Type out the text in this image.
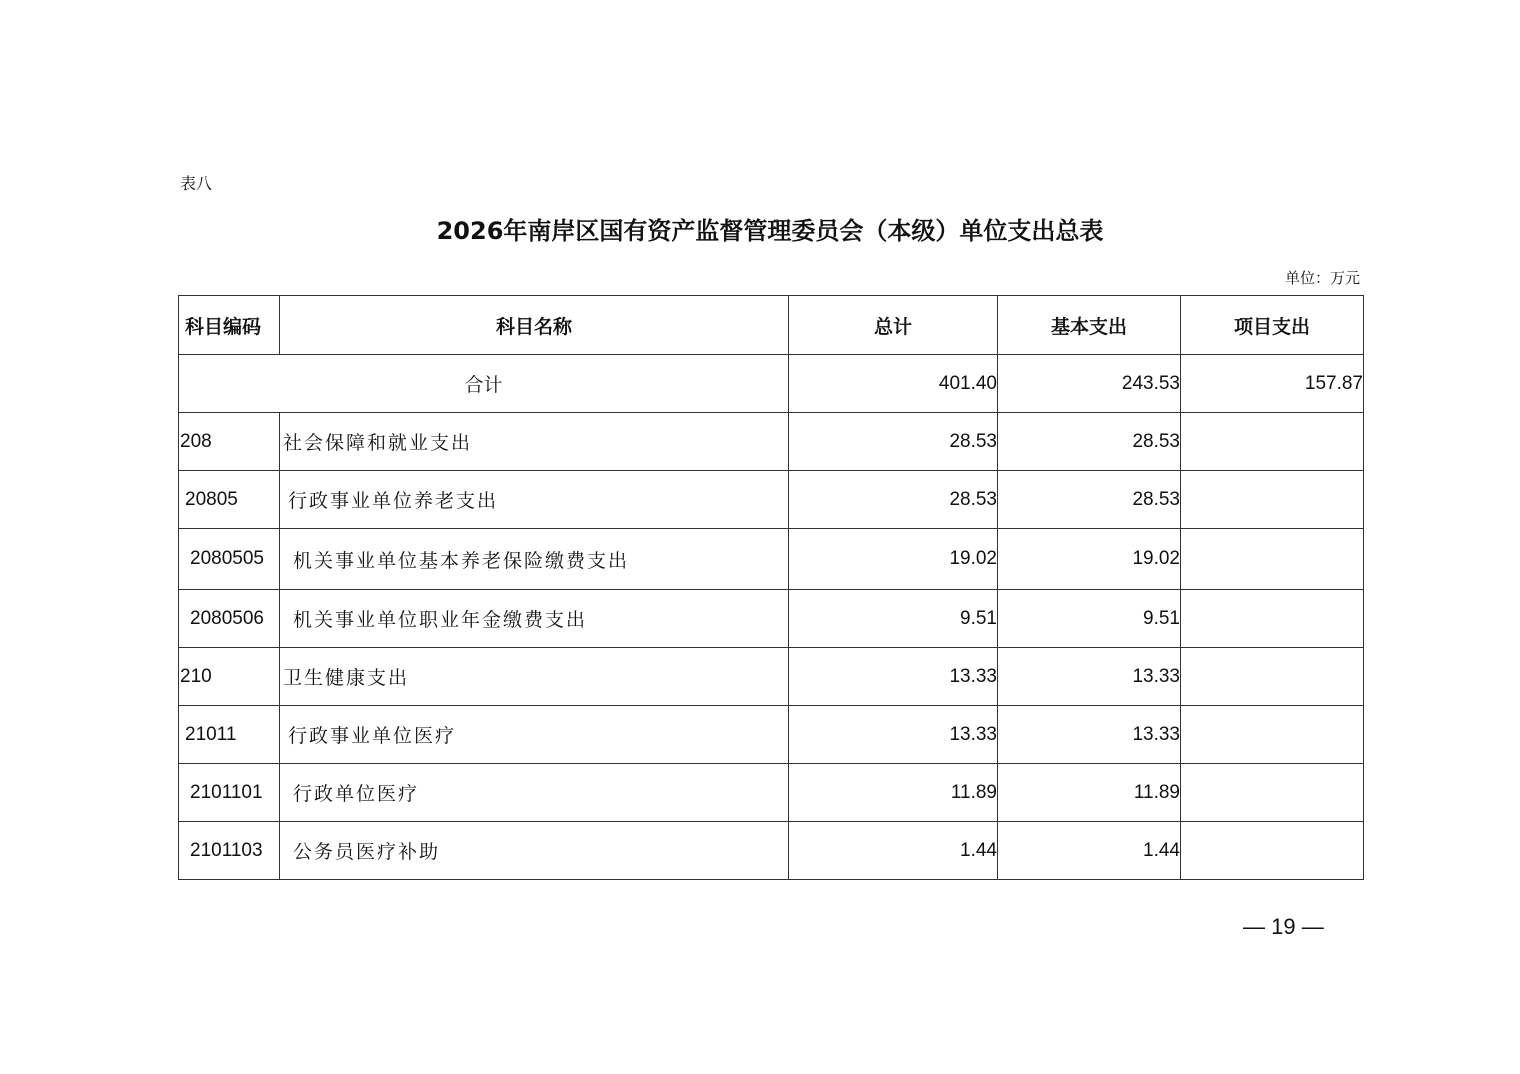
表八
2026年南岸区国有资产监督管理委员会（本级）单位支出总表
单位：万元
科目编码	科目名称	总计	基本支出	项目支出
合计		401.40	243.53	157.87
208	社会保障和就业支出	28.53	28.53	
20805	行政事业单位养老支出	28.53	28.53	
2080505	机关事业单位基本养老保险缴费支出	19.02	19.02	
2080506	机关事业单位职业年金缴费支出	9.51	9.51	
210	卫生健康支出	13.33	13.33	
21011	行政事业单位医疗	13.33	13.33	
2101101	行政单位医疗	11.89	11.89	
2101103	公务员医疗补助	1.44	1.44	
— 19 —
